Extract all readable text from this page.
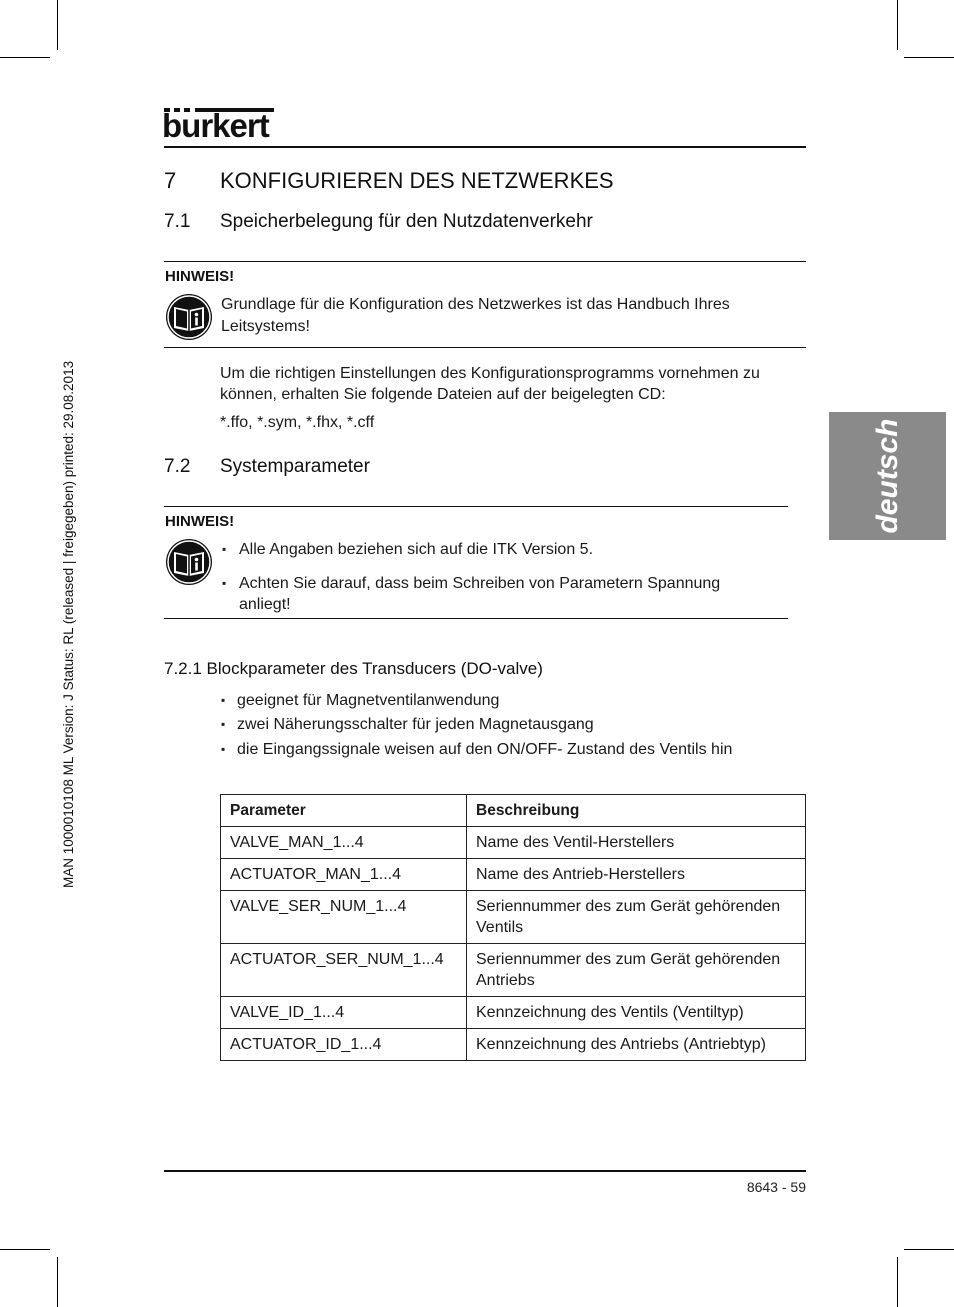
burkert
deutsch
MAN 1000010108 ML Version: J Status: RL (released | freigegeben) printed: 29.08.2013
7 KONFIGURIEREN DES NETZWERKES
7.1 Speicherbelegung für den Nutzdatenverkehr
HINWEIS!
Grundlage für die Konfiguration des Netzwerkes ist das Handbuch Ihres
Leitsystems!
Um die richtigen Einstellungen des Konfigurationsprogramms vornehmen zu
können, erhalten Sie folgende Dateien auf der beigelegten CD:
*.ffo, *.sym, *.fhx, *.cff
7.2 Systemparameter
HINWEIS!
▪ Alle Angaben beziehen sich auf die ITK Version 5.
▪ Achten Sie darauf, dass beim Schreiben von Parametern Spannung
anliegt!
7.2.1 Blockparameter des Transducers (DO-valve)
▪ geeignet für Magnetventilanwendung
▪ zwei Näherungsschalter für jeden Magnetausgang
▪ die Eingangssignale weisen auf den ON/OFF- Zustand des Ventils hin
Parameter	Beschreibung
VALVE_MAN_1...4	Name des Ventil-Herstellers
ACTUATOR_MAN_1...4	Name des Antrieb-Herstellers
VALVE_SER_NUM_1...4	Seriennummer des zum Gerät gehörenden Ventils
ACTUATOR_SER_NUM_1...4	Seriennummer des zum Gerät gehörenden Antriebs
VALVE_ID_1...4	Kennzeichnung des Ventils (Ventiltyp)
ACTUATOR_ID_1...4	Kennzeichnung des Antriebs (Antriebtyp)
8643 - 59
